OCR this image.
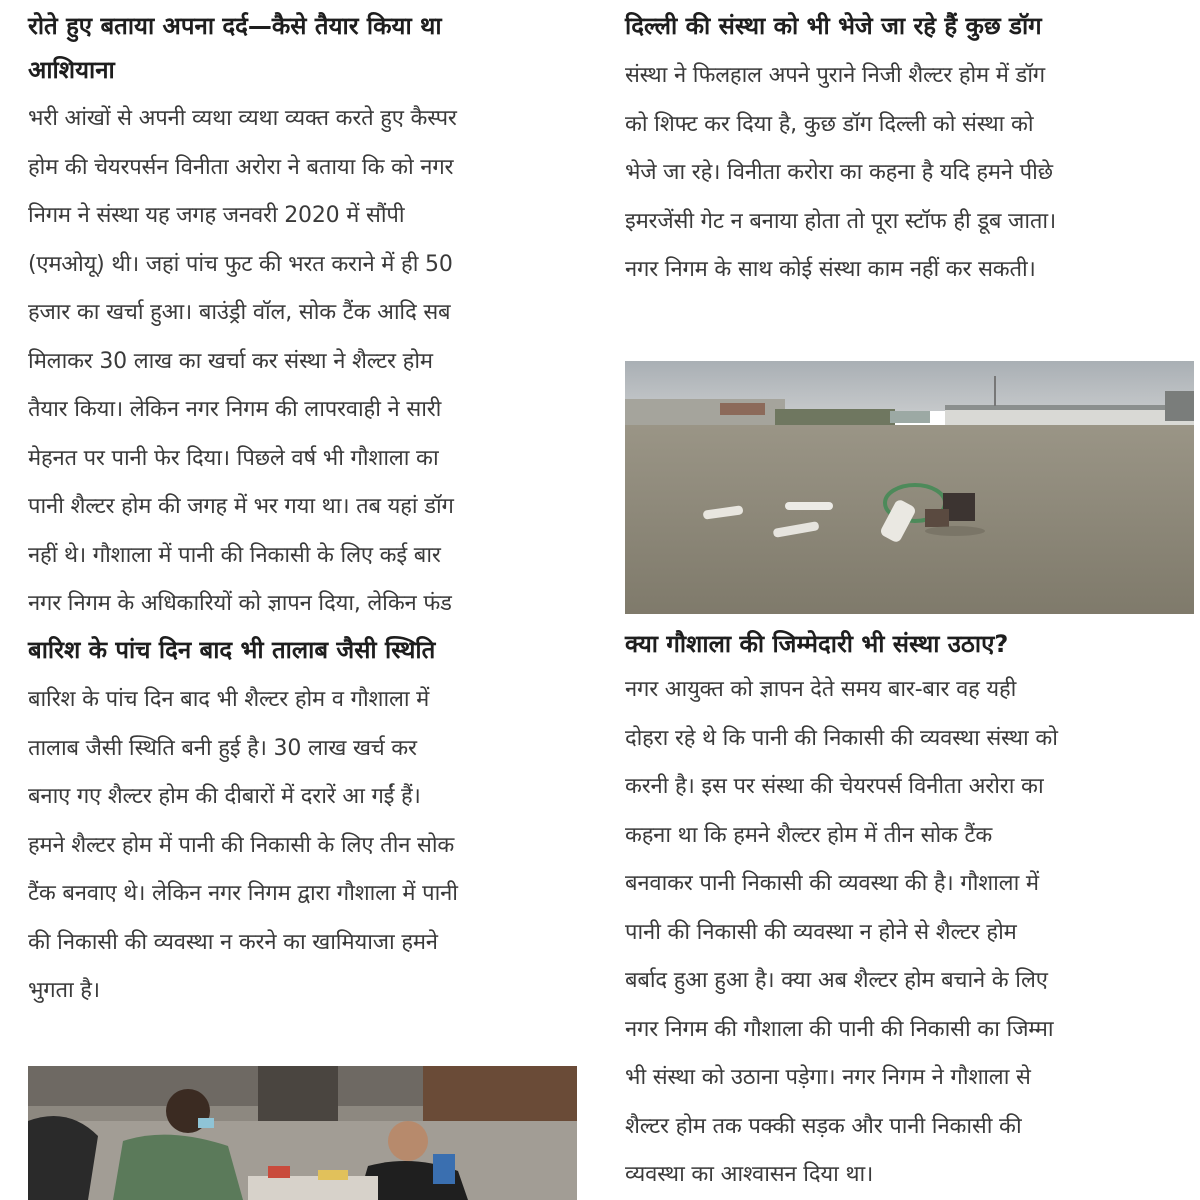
रोते हुए बताया अपना दर्द—कैसे तैयार किया था
आशियाना
भरी आंखों से अपनी व्यथा व्यथा व्यक्त करते हुए कैस्पर
होम की चेयरपर्सन विनीता अरोरा ने बताया कि को नगर
निगम ने संस्था यह जगह जनवरी 2020 में सौंपी
(एमओयू) थी। जहां पांच फुट की भरत कराने में ही 50
हजार का खर्चा हुआ। बाउंड्री वॉल, सोक टैंक आदि सब
मिलाकर 30 लाख का खर्चा कर संस्था ने शैल्टर होम
तैयार किया। लेकिन नगर निगम की लापरवाही ने सारी
मेहनत पर पानी फेर दिया। पिछले वर्ष भी गौशाला का
पानी शैल्टर होम की जगह में भर गया था। तब यहां डॉग
नहीं थे। गौशाला में पानी की निकासी के लिए कई बार
नगर निगम के अधिकारियों को ज्ञापन दिया, लेकिन फंड
बारिश के पांच दिन बाद भी तालाब जैसी स्थिति
बारिश के पांच दिन बाद भी शैल्टर होम व गौशाला में
तालाब जैसी स्थिति बनी हुई है। 30 लाख खर्च कर
बनाए गए शैल्टर होम की दीबारों में दरारें आ गईं हैं।
हमने शैल्टर होम में पानी की निकासी के लिए तीन सोक
टैंक बनवाए थे। लेकिन नगर निगम द्वारा गौशाला में पानी
की निकासी की व्यवस्था न करने का खामियाजा हमने
भुगता है।
दिल्ली की संस्था को भी भेजे जा रहे हैं कुछ डॉग
संस्था ने फिलहाल अपने पुराने निजी शैल्टर होम में डॉग
को शिफ्ट कर दिया है, कुछ डॉग दिल्ली को संस्था को
भेजे जा रहे। विनीता करोरा का कहना है यदि हमने पीछे
इमरजेंसी गेट न बनाया होता तो पूरा स्टॉफ ही डूब जाता।
नगर निगम के साथ कोई संस्था काम नहीं कर सकती।
क्या गौशाला की जिम्मेदारी भी संस्था उठाए?
नगर आयुक्त को ज्ञापन देते समय बार-बार वह यही
दोहरा रहे थे कि पानी की निकासी की व्यवस्था संस्था को
करनी है। इस पर संस्था की चेयरपर्स विनीता अरोरा का
कहना था कि हमने शैल्टर होम में तीन सोक टैंक
बनवाकर पानी निकासी की व्यवस्था की है। गौशाला में
पानी की निकासी की व्यवस्था न होने से शैल्टर होम
बर्बाद हुआ हुआ है। क्या अब शैल्टर होम बचाने के लिए
नगर निगम की गौशाला की पानी की निकासी का जिम्मा
भी संस्था को उठाना पड़ेगा। नगर निगम ने गौशाला से
शैल्टर होम तक पक्की सड़क और पानी निकासी की
व्यवस्था का आश्वासन दिया था।
